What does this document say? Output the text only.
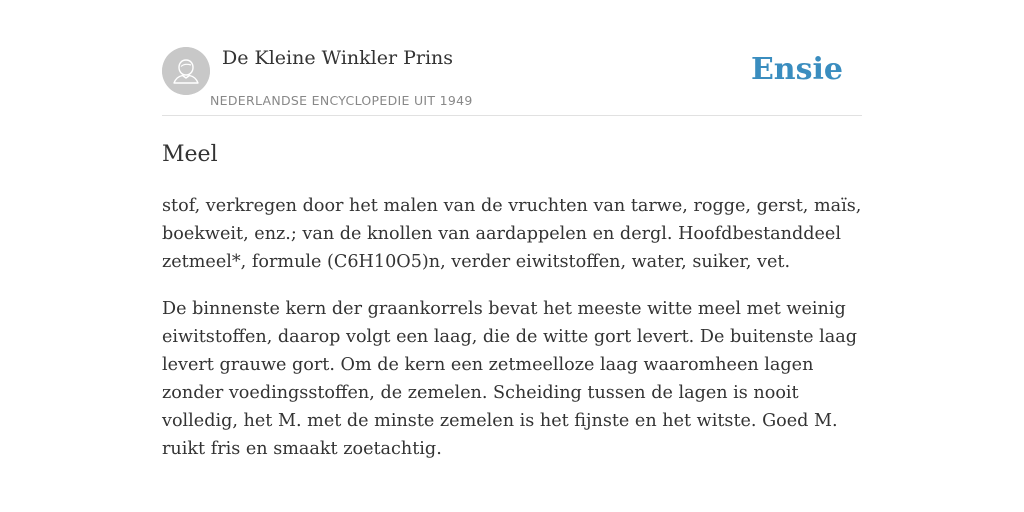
De Kleine Winkler Prins
NEDERLANDSE ENCYCLOPEDIE UIT 1949
Ensie
Meel

stof, verkregen door het malen van de vruchten van tarwe, rogge, gerst, maïs, boekweit, enz.; van de knollen van aardappelen en dergl. Hoofdbestanddeel zetmeel*, formule (C6H10O5)n, verder eiwitstoffen, water, suiker, vet.

De binnenste kern der graankorrels bevat het meeste witte meel met weinig eiwitstoffen, daarop volgt een laag, die de witte gort levert. De buitenste laag levert grauwe gort. Om de kern een zetmeelloze laag waaromheen lagen zonder voedingsstoffen, de zemelen. Scheiding tussen de lagen is nooit volledig, het M. met de minste zemelen is het fijnste en het witste. Goed M. ruikt fris en smaakt zoetachtig.
